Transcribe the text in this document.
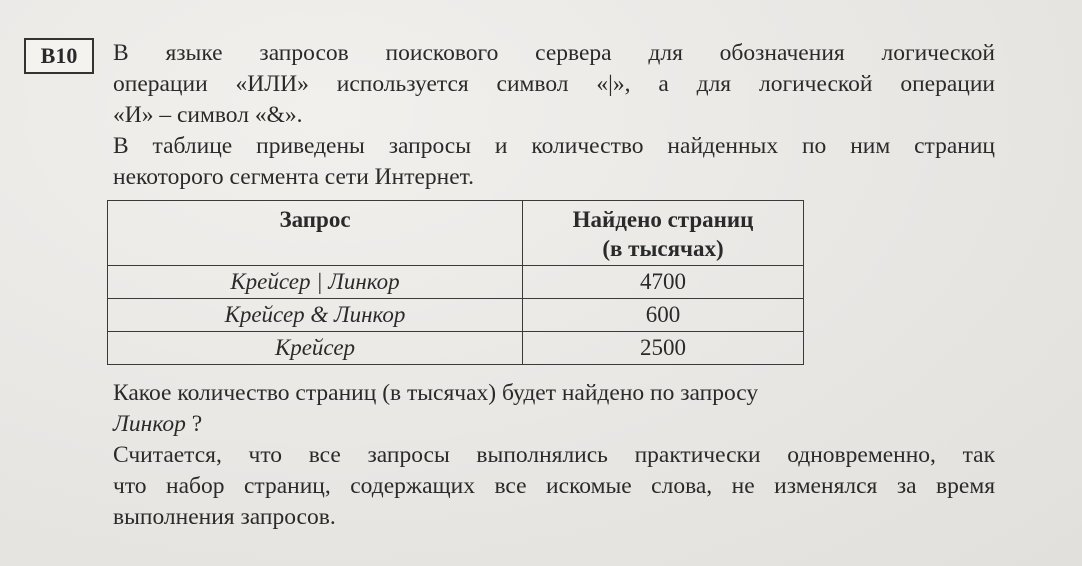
B10 В языке запросов поискового сервера для обозначения логической
операции «ИЛИ» используется символ «|», а для логической операции
«И» – символ «&».
В таблице приведены запросы и количество найденных по ним страниц
некоторого сегмента сети Интернет.
Запрос	Найдено страниц
(в тысячах)
Крейсер | Линкор	4700
Крейсер & Линкор	600
Крейсер	2500
Какое количество страниц (в тысячах) будет найдено по запросу
Линкор ?
Считается, что все запросы выполнялись практически одновременно, так
что набор страниц, содержащих все искомые слова, не изменялся за время
выполнения запросов.
